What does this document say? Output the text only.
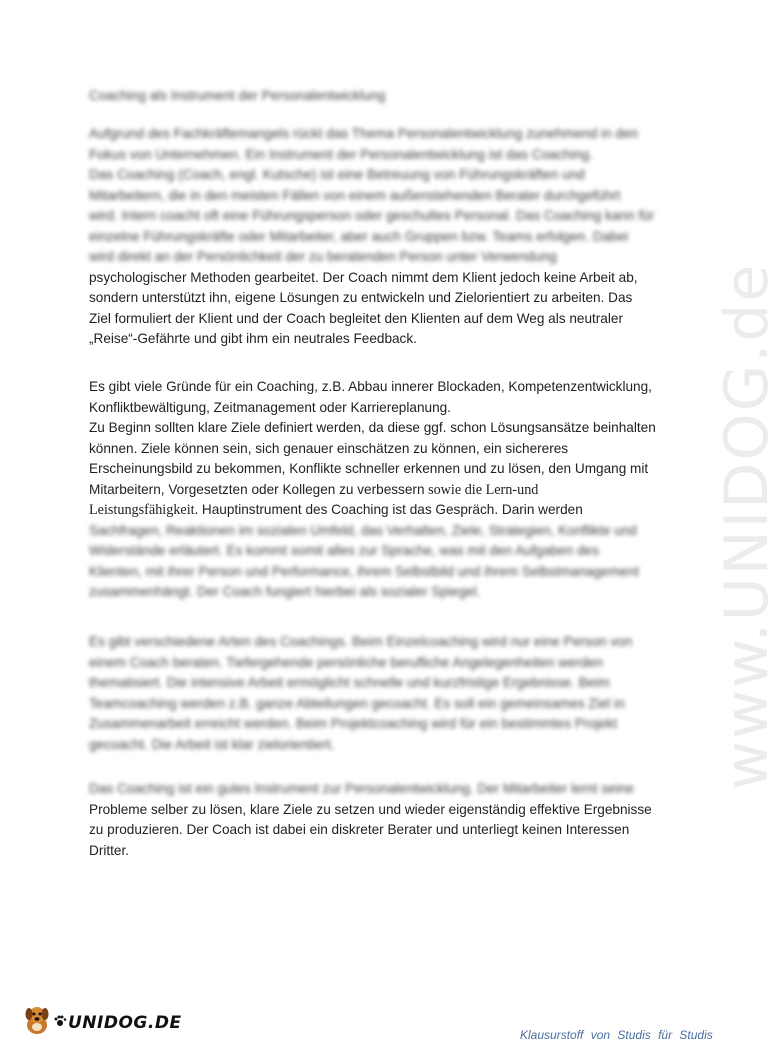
www.UNIDOG.de
Coaching als Instrument der Personalentwicklung
Aufgrund des Fachkräftemangels rückt das Thema Personalentwicklung zunehmend in den
Fokus von Unternehmen. Ein Instrument der Personalentwicklung ist das Coaching.
Das Coaching (Coach, engl. Kutsche) ist eine Betreuung von Führungskräften und
Mitarbeitern, die in den meisten Fällen von einem außenstehenden Berater durchgeführt
wird. Intern coacht oft eine Führungsperson oder geschultes Personal. Das Coaching kann für
einzelne Führungskräfte oder Mitarbeiter, aber auch Gruppen bzw. Teams erfolgen. Dabei
wird direkt an der Persönlichkeit der zu beratenden Person unter Verwendung
psychologischer Methoden gearbeitet. Der Coach nimmt dem Klient jedoch keine Arbeit ab,
sondern unterstützt ihn, eigene Lösungen zu entwickeln und Zielorientiert zu arbeiten. Das
Ziel formuliert der Klient und der Coach begleitet den Klienten auf dem Weg als neutraler
„Reise“-Gefährte und gibt ihm ein neutrales Feedback.
Es gibt viele Gründe für ein Coaching, z.B. Abbau innerer Blockaden, Kompetenzentwicklung,
Konfliktbewältigung, Zeitmanagement oder Karriereplanung.
Zu Beginn sollten klare Ziele definiert werden, da diese ggf. schon Lösungsansätze beinhalten
können. Ziele können sein, sich genauer einschätzen zu können, ein sichereres
Erscheinungsbild zu bekommen, Konflikte schneller erkennen und zu lösen, den Umgang mit
Mitarbeitern, Vorgesetzten oder Kollegen zu verbessern sowie die Lern-und
Leistungsfähigkeit. Hauptinstrument des Coaching ist das Gespräch. Darin werden
Sachfragen, Reaktionen im sozialen Umfeld, das Verhalten, Ziele, Strategien, Konflikte und
Widerstände erläutert. Es kommt somit alles zur Sprache, was mit den Aufgaben des
Klienten, mit ihrer Person und Performance, ihrem Selbstbild und ihrem Selbstmanagement
zusammenhängt. Der Coach fungiert hierbei als sozialer Spiegel.
Es gibt verschiedene Arten des Coachings. Beim Einzelcoaching wird nur eine Person von
einem Coach beraten. Tiefergehende persönliche berufliche Angelegenheiten werden
thematisiert. Die intensive Arbeit ermöglicht schnelle und kurzfristige Ergebnisse. Beim
Teamcoaching werden z.B. ganze Abteilungen gecoacht. Es soll ein gemeinsames Ziel in
Zusammenarbeit erreicht werden. Beim Projektcoaching wird für ein bestimmtes Projekt
gecoacht. Die Arbeit ist klar zielorientiert.
Das Coaching ist ein gutes Instrument zur Personalentwicklung. Der Mitarbeiter lernt seine
Probleme selber zu lösen, klare Ziele zu setzen und wieder eigenständig effektive Ergebnisse
zu produzieren. Der Coach ist dabei ein diskreter Berater und unterliegt keinen Interessen
Dritter.
UNIDOG.DE
Klausurstoff von Studis für Studis
